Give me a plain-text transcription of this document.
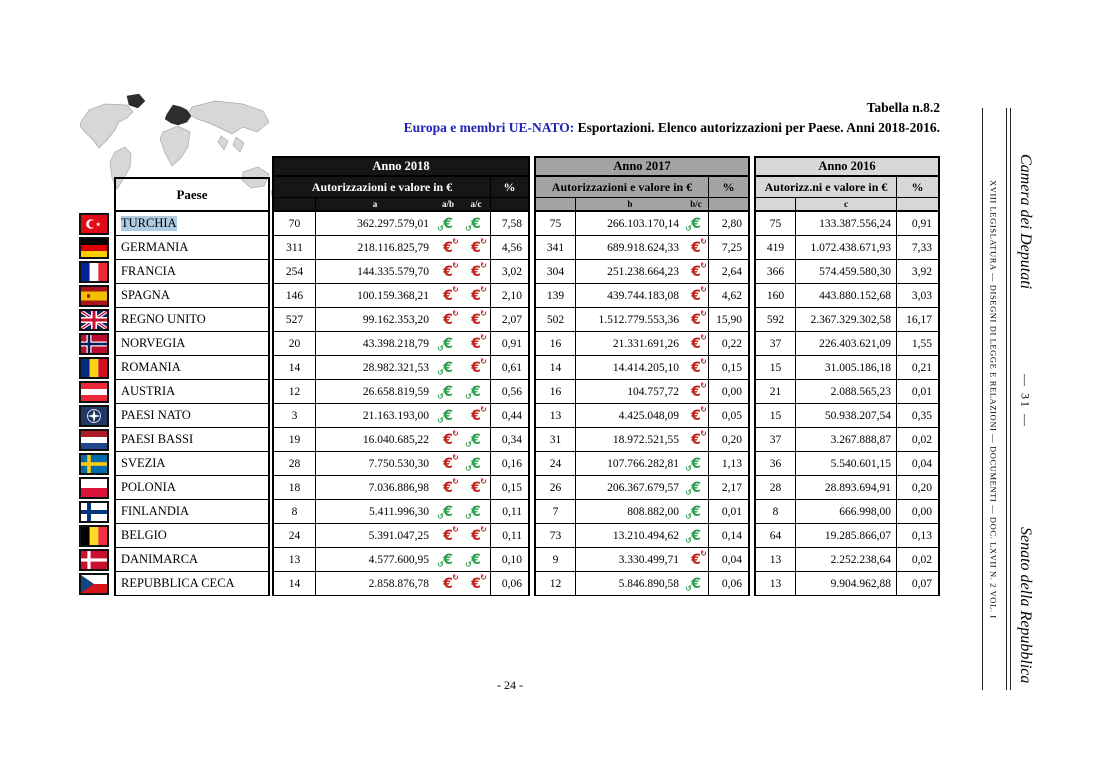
Tabella n.8.2
Europa e membri UE-NATO: Esportazioni. Elenco autorizzazioni per Paese. Anni 2018-2016.
Anno 2018	Anno 2017	Anno 2016
Paese	Autorizzazioni e valore in €	%	Autorizzazioni e valore in €	%	Autorizz.ni e valore in €	%
a	a/b	a/c	b	b/c	c
TURCHIA	70	362.297.579,01	€ ↺ € ↺	7,58	75	266.103.170,14 € ↺	2,80	75	133.387.556,24	0,91
GERMANIA	311	218.116.825,79	€ ↻ € ↻	4,56	341	689.918.624,33 € ↻	7,25	419	1.072.438.671,93	7,33
FRANCIA	254	144.335.579,70	€ ↻ € ↻	3,02	304	251.238.664,23 € ↻	2,64	366	574.459.580,30	3,92
SPAGNA	146	100.159.368,21	€ ↻ € ↻	2,10	139	439.744.183,08 € ↻	4,62	160	443.880.152,68	3,03
REGNO UNITO	527	99.162.353,20	€ ↻ € ↻	2,07	502	1.512.779.553,36 € ↻	15,90	592	2.367.329.302,58	16,17
NORVEGIA	20	43.398.218,79	€ ↺ € ↻	0,91	16	21.331.691,26 € ↻	0,22	37	226.403.621,09	1,55
ROMANIA	14	28.982.321,53	€ ↺ € ↻	0,61	14	14.414.205,10 € ↻	0,15	15	31.005.186,18	0,21
AUSTRIA	12	26.658.819,59	€ ↺ € ↺	0,56	16	104.757,72 € ↻	0,00	21	2.088.565,23	0,01
PAESI NATO	3	21.163.193,00	€ ↺ € ↻	0,44	13	4.425.048,09 € ↻	0,05	15	50.938.207,54	0,35
PAESI BASSI	19	16.040.685,22	€ ↻ € ↺	0,34	31	18.972.521,55 € ↻	0,20	37	3.267.888,87	0,02
SVEZIA	28	7.750.530,30	€ ↻ € ↺	0,16	24	107.766.282,81 € ↺	1,13	36	5.540.601,15	0,04
POLONIA	18	7.036.886,98	€ ↻ € ↻	0,15	26	206.367.679,57 € ↺	2,17	28	28.893.694,91	0,20
FINLANDIA	8	5.411.996,30	€ ↺ € ↺	0,11	7	808.882,00 € ↺	0,01	8	666.998,00	0,00
BELGIO	24	5.391.047,25	€ ↻ € ↻	0,11	73	13.210.494,62 € ↺	0,14	64	19.285.866,07	0,13
DANIMARCA	13	4.577.600,95	€ ↺ € ↺	0,10	9	3.330.499,71 € ↻	0,04	13	2.252.238,64	0,02
REPUBBLICA CECA	14	2.858.876,78	€ ↻ € ↻	0,06	12	5.846.890,58 € ↺	0,06	13	9.904.962,88	0,07
- 24 -
XVIII LEGISLATURA — DISEGNI DI LEGGE E RELAZIONI — DOCUMENTI — DOC. LXVII N. 2 VOL. I Camera dei Deputati
— 31 —
Senato della Repubblica
